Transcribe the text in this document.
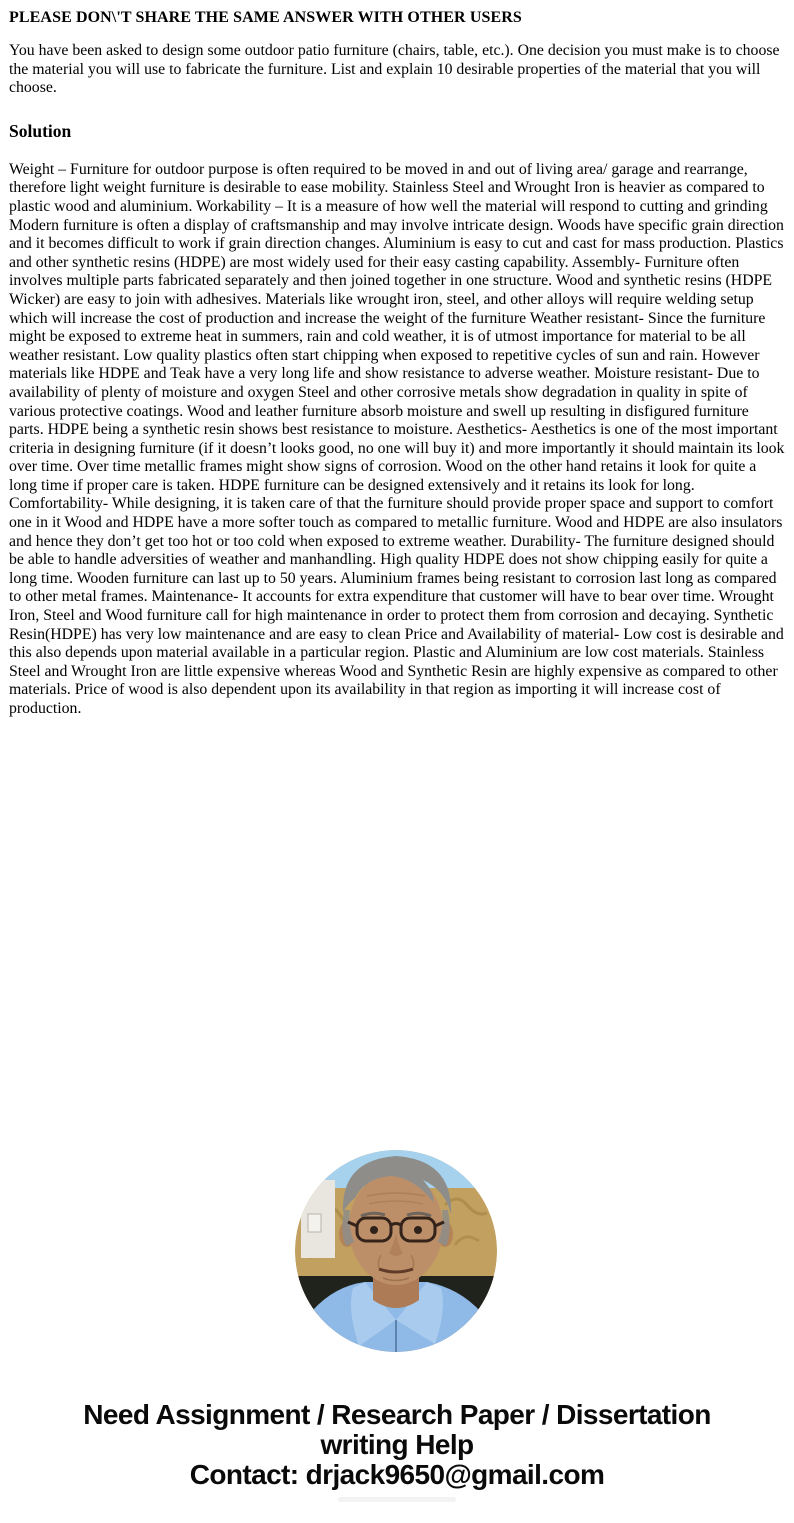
PLEASE DON\'T SHARE THE SAME ANSWER WITH OTHER USERS

You have been asked to design some outdoor patio furniture (chairs, table, etc.). One decision you must make is to choose the material you will use to fabricate the furniture. List and explain 10 desirable properties of the material that you will choose.

Solution

Weight – Furniture for outdoor purpose is often required to be moved in and out of living area/ garage and rearrange, therefore light weight furniture is desirable to ease mobility. Stainless Steel and Wrought Iron is heavier as compared to plastic wood and aluminium. Workability – It is a measure of how well the material will respond to cutting and grinding Modern furniture is often a display of craftsmanship and may involve intricate design. Woods have specific grain direction and it becomes difficult to work if grain direction changes. Aluminium is easy to cut and cast for mass production. Plastics and other synthetic resins (HDPE) are most widely used for their easy casting capability. Assembly- Furniture often involves multiple parts fabricated separately and then joined together in one structure. Wood and synthetic resins (HDPE Wicker) are easy to join with adhesives. Materials like wrought iron, steel, and other alloys will require welding setup which will increase the cost of production and increase the weight of the furniture Weather resistant- Since the furniture might be exposed to extreme heat in summers, rain and cold weather, it is of utmost importance for material to be all weather resistant. Low quality plastics often start chipping when exposed to repetitive cycles of sun and rain. However materials like HDPE and Teak have a very long life and show resistance to adverse weather. Moisture resistant- Due to availability of plenty of moisture and oxygen Steel and other corrosive metals show degradation in quality in spite of various protective coatings. Wood and leather furniture absorb moisture and swell up resulting in disfigured furniture parts. HDPE being a synthetic resin shows best resistance to moisture. Aesthetics- Aesthetics is one of the most important criteria in designing furniture (if it doesn’t looks good, no one will buy it) and more importantly it should maintain its look over time. Over time metallic frames might show signs of corrosion. Wood on the other hand retains it look for quite a long time if proper care is taken. HDPE furniture can be designed extensively and it retains its look for long. Comfortability- While designing, it is taken care of that the furniture should provide proper space and support to comfort one in it Wood and HDPE have a more softer touch as compared to metallic furniture. Wood and HDPE are also insulators and hence they don’t get too hot or too cold when exposed to extreme weather. Durability- The furniture designed should be able to handle adversities of weather and manhandling. High quality HDPE does not show chipping easily for quite a long time. Wooden furniture can last up to 50 years. Aluminium frames being resistant to corrosion last long as compared to other metal frames. Maintenance- It accounts for extra expenditure that customer will have to bear over time. Wrought Iron, Steel and Wood furniture call for high maintenance in order to protect them from corrosion and decaying. Synthetic Resin(HDPE) has very low maintenance and are easy to clean Price and Availability of material- Low cost is desirable and this also depends upon material available in a particular region. Plastic and Aluminium are low cost materials. Stainless Steel and Wrought Iron are little expensive whereas Wood and Synthetic Resin are highly expensive as compared to other materials. Price of wood is also dependent upon its availability in that region as importing it will increase cost of production.

Need Assignment / Research Paper / Dissertation
writing Help
Contact: drjack9650@gmail.com
